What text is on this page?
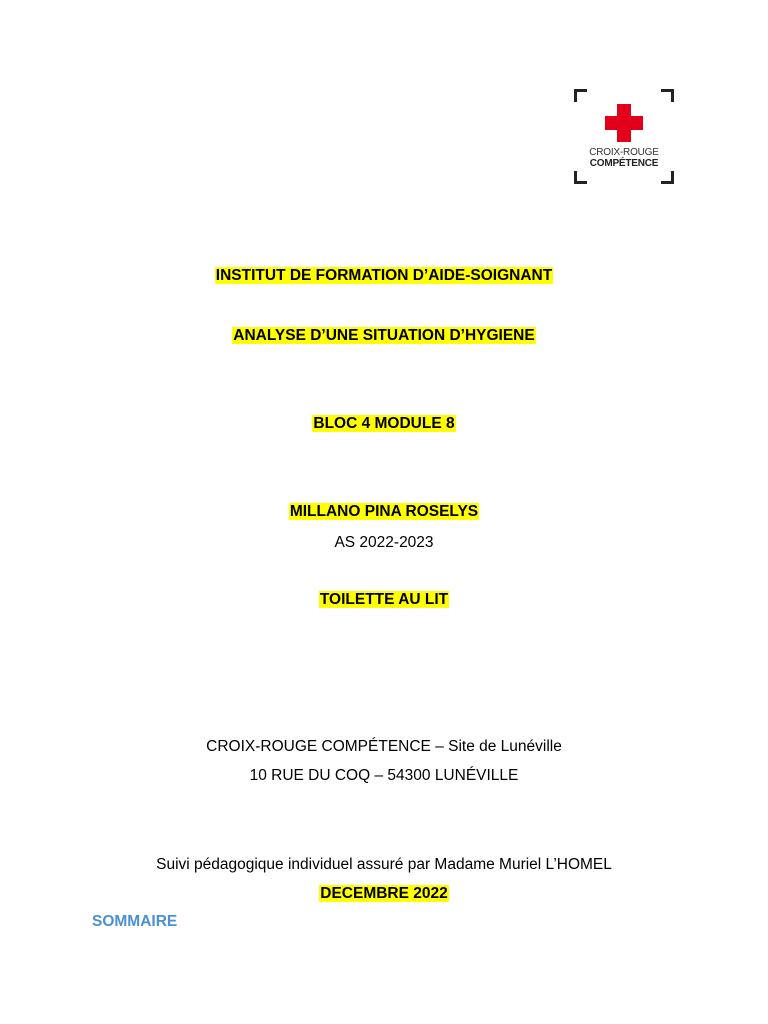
CROIX-ROUGE
COMPÉTENCE
INSTITUT DE FORMATION D’AIDE-SOIGNANT
ANALYSE D’UNE SITUATION D’HYGIENE
BLOC 4 MODULE 8
MILLANO PINA ROSELYS
AS 2022-2023
TOILETTE AU LIT
CROIX-ROUGE COMPÉTENCE – Site de Lunéville
10 RUE DU COQ – 54300 LUNÉVILLE
Suivi pédagogique individuel assuré par Madame Muriel L’HOMEL
DECEMBRE 2022
SOMMAIRE
